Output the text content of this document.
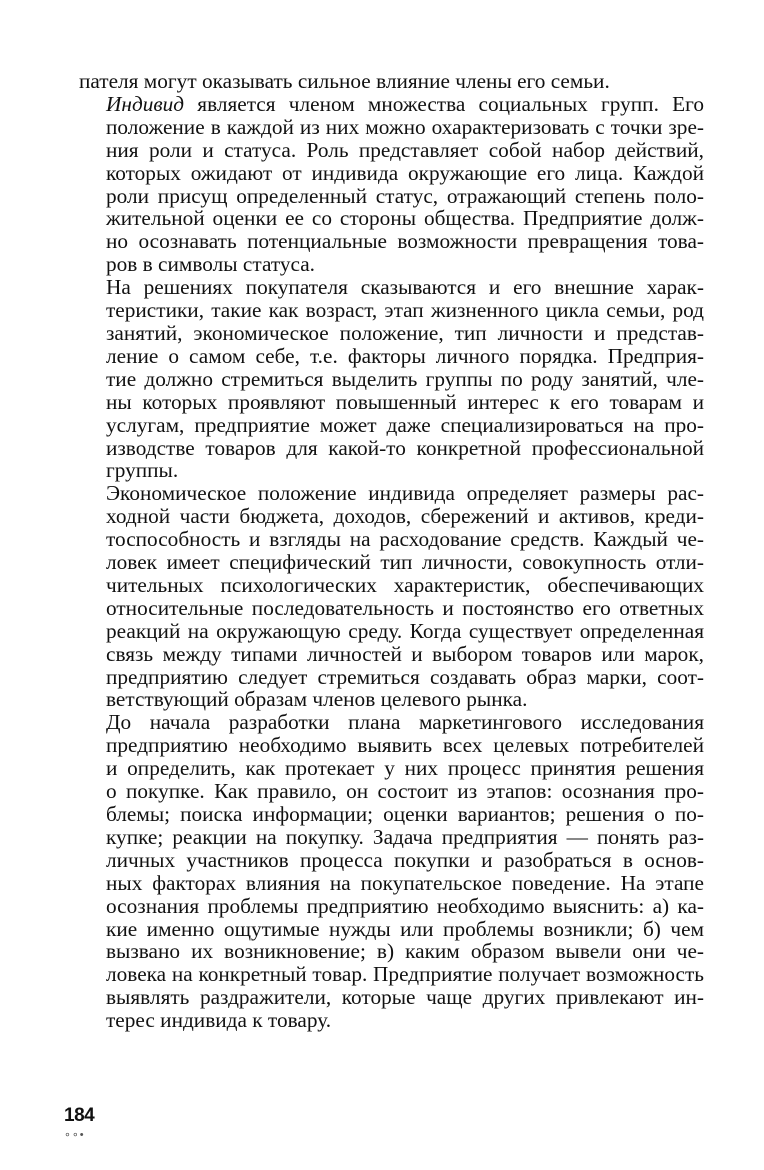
пателя могут оказывать сильное влияние члены его семьи.

Индивид является членом множества социальных групп. Его
положение в каждой из них можно охарактеризовать с точки зре-
ния роли и статуса. Роль представляет собой набор действий,
которых ожидают от индивида окружающие его лица. Каждой
роли присущ определенный статус, отражающий степень поло-
жительной оценки ее со стороны общества. Предприятие долж-
но осознавать потенциальные возможности превращения това-
ров в символы статуса.

На решениях покупателя сказываются и его внешние харак-
теристики, такие как возраст, этап жизненного цикла семьи, род
занятий, экономическое положение, тип личности и представ-
ление о самом себе, т.е. факторы личного порядка. Предприя-
тие должно стремиться выделить группы по роду занятий, чле-
ны которых проявляют повышенный интерес к его товарам и
услугам, предприятие может даже специализироваться на про-
изводстве товаров для какой-то конкретной профессиональной
группы.

Экономическое положение индивида определяет размеры рас-
ходной части бюджета, доходов, сбережений и активов, креди-
тоспособность и взгляды на расходование средств. Каждый че-
ловек имеет специфический тип личности, совокупность отли-
чительных психологических характеристик, обеспечивающих
относительные последовательность и постоянство его ответных
реакций на окружающую среду. Когда существует определенная
связь между типами личностей и выбором товаров или марок,
предприятию следует стремиться создавать образ марки, соот-
ветствующий образам членов целевого рынка.

До начала разработки плана маркетингового исследования
предприятию необходимо выявить всех целевых потребителей
и определить, как протекает у них процесс принятия решения
о покупке. Как правило, он состоит из этапов: осознания про-
блемы; поиска информации; оценки вариантов; решения о по-
купке; реакции на покупку. Задача предприятия — понять раз-
личных участников процесса покупки и разобраться в основ-
ных факторах влияния на покупательское поведение. На этапе
осознания проблемы предприятию необходимо выяснить: а) ка-
кие именно ощутимые нужды или проблемы возникли; б) чем
вызвано их возникновение; в) каким образом вывели они че-
ловека на конкретный товар. Предприятие получает возможность
выявлять раздражители, которые чаще других привлекают ин-
терес индивида к товару.

184
∘∘•
